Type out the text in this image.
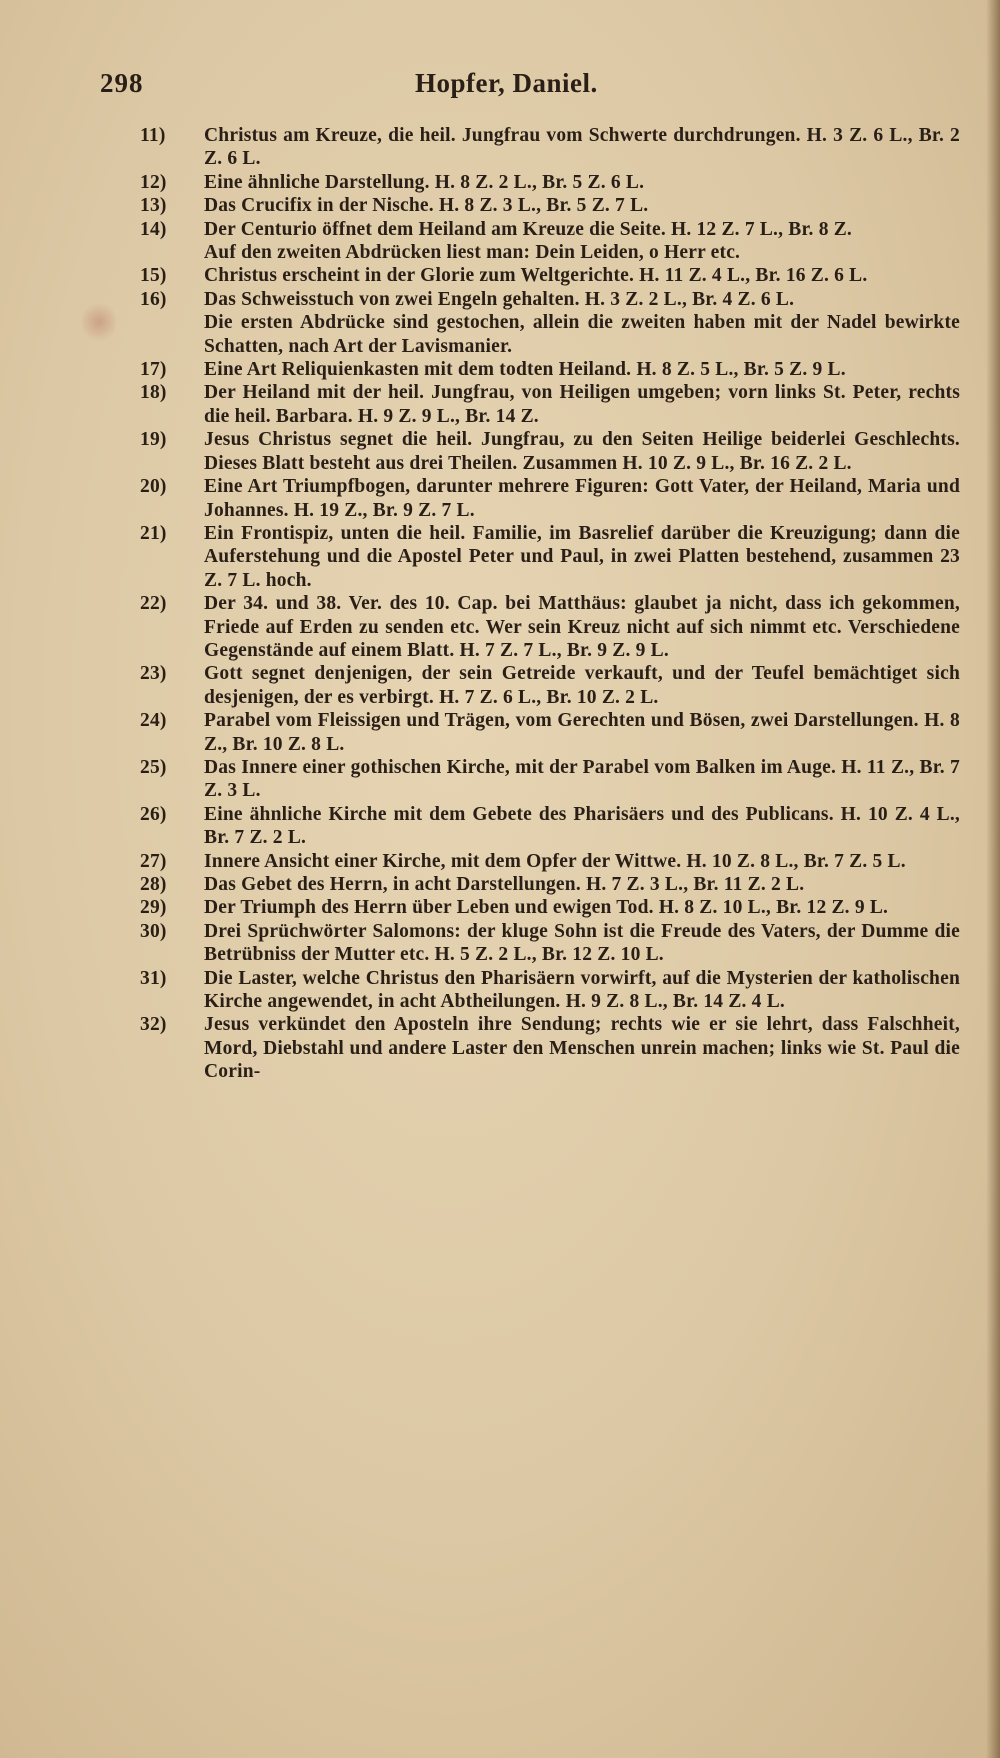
298	Hopfer, Daniel.
11)	Christus am Kreuze, die heil. Jungfrau vom Schwerte durchdrungen. H. 3 Z. 6 L., Br. 2 Z. 6 L.
12)	Eine ähnliche Darstellung. H. 8 Z. 2 L., Br. 5 Z. 6 L.
13)	Das Crucifix in der Nische. H. 8 Z. 3 L., Br. 5 Z. 7 L.
14)	Der Centurio öffnet dem Heiland am Kreuze die Seite. H. 12 Z. 7 L., Br. 8 Z.
Auf den zweiten Abdrücken liest man: Dein Leiden, o Herr etc.
15)	Christus erscheint in der Glorie zum Weltgerichte. H. 11 Z. 4 L., Br. 16 Z. 6 L.
16)	Das Schweisstuch von zwei Engeln gehalten. H. 3 Z. 2 L., Br. 4 Z. 6 L.
Die ersten Abdrücke sind gestochen, allein die zweiten haben mit der Nadel bewirkte Schatten, nach Art der Lavismanier.
17)	Eine Art Reliquienkasten mit dem todten Heiland. H. 8 Z. 5 L., Br. 5 Z. 9 L.
18)	Der Heiland mit der heil. Jungfrau, von Heiligen umgeben; vorn links St. Peter, rechts die heil. Barbara. H. 9 Z. 9 L., Br. 14 Z.
19)	Jesus Christus segnet die heil. Jungfrau, zu den Seiten Heilige beiderlei Geschlechts. Dieses Blatt besteht aus drei Theilen. Zusammen H. 10 Z. 9 L., Br. 16 Z. 2 L.
20)	Eine Art Triumpfbogen, darunter mehrere Figuren: Gott Vater, der Heiland, Maria und Johannes. H. 19 Z., Br. 9 Z. 7 L.
21)	Ein Frontispiz, unten die heil. Familie, im Basrelief darüber die Kreuzigung; dann die Auferstehung und die Apostel Peter und Paul, in zwei Platten bestehend, zusammen 23 Z. 7 L. hoch.
22)	Der 34. und 38. Ver. des 10. Cap. bei Matthäus: glaubet ja nicht, dass ich gekommen, Friede auf Erden zu senden etc. Wer sein Kreuz nicht auf sich nimmt etc. Verschiedene Gegenstände auf einem Blatt. H. 7 Z. 7 L., Br. 9 Z. 9 L.
23)	Gott segnet denjenigen, der sein Getreide verkauft, und der Teufel bemächtiget sich desjenigen, der es verbirgt. H. 7 Z. 6 L., Br. 10 Z. 2 L.
24)	Parabel vom Fleissigen und Trägen, vom Gerechten und Bösen, zwei Darstellungen. H. 8 Z., Br. 10 Z. 8 L.
25)	Das Innere einer gothischen Kirche, mit der Parabel vom Balken im Auge. H. 11 Z., Br. 7 Z. 3 L.
26)	Eine ähnliche Kirche mit dem Gebete des Pharisäers und des Publicans. H. 10 Z. 4 L., Br. 7 Z. 2 L.
27)	Innere Ansicht einer Kirche, mit dem Opfer der Wittwe. H. 10 Z. 8 L., Br. 7 Z. 5 L.
28)	Das Gebet des Herrn, in acht Darstellungen. H. 7 Z. 3 L., Br. 11 Z. 2 L.
29)	Der Triumph des Herrn über Leben und ewigen Tod. H. 8 Z. 10 L., Br. 12 Z. 9 L.
30)	Drei Sprüchwörter Salomons: der kluge Sohn ist die Freude des Vaters, der Dumme die Betrübniss der Mutter etc. H. 5 Z. 2 L., Br. 12 Z. 10 L.
31)	Die Laster, welche Christus den Pharisäern vorwirft, auf die Mysterien der katholischen Kirche angewendet, in acht Abtheilungen. H. 9 Z. 8 L., Br. 14 Z. 4 L.
32)	Jesus verkündet den Aposteln ihre Sendung; rechts wie er sie lehrt, dass Falschheit, Mord, Diebstahl und andere Laster den Menschen unrein machen; links wie St. Paul die Corin-
